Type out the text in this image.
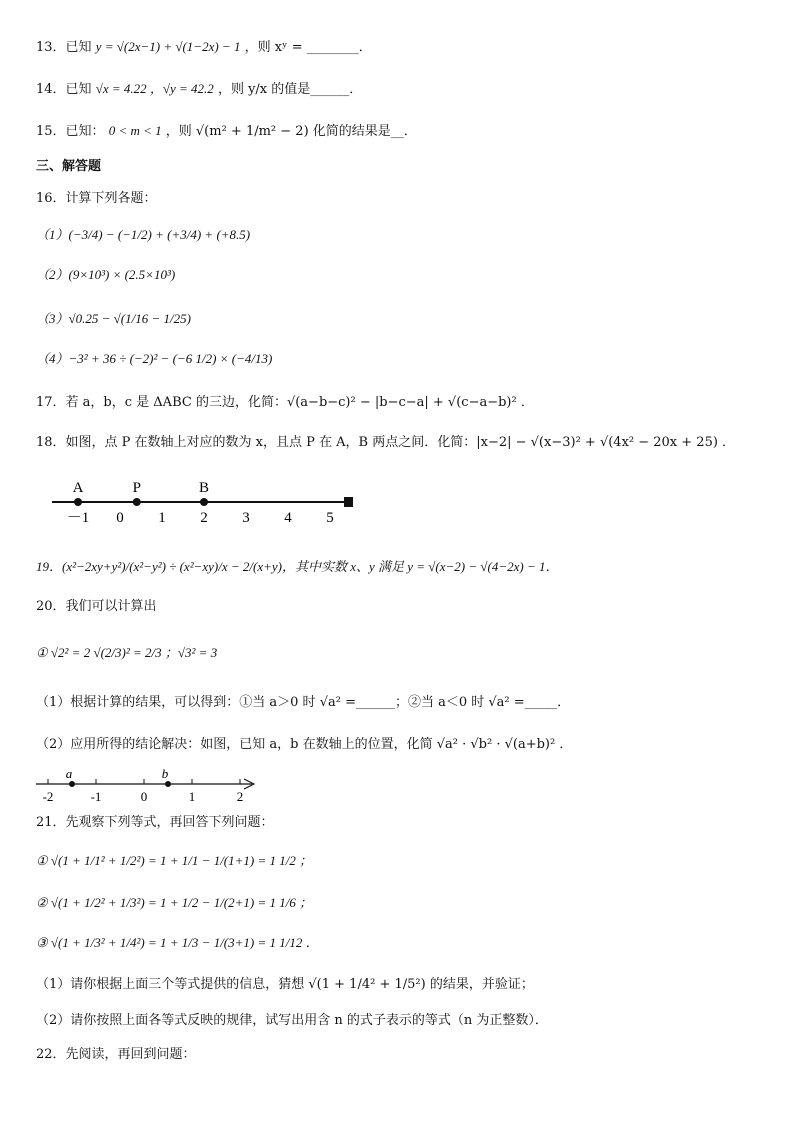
13．已知 y = √(2x−1) + √(1−2x) − 1 ，则 xʸ = ________．
14．已知 √x = 4.22 ，√y = 42.2 ，则 y/x 的值是______．
15．已知： 0 < m < 1 ，则 √(m² + 1/m² − 2) 化简的结果是__．
三、解答题
16．计算下列各题：
（1）(−3/4) − (−1/2) + (+3/4) + (+8.5)
（2）(9×10³) × (2.5×10³)
（3）√0.25 − √(1/16 − 1/25)
（4）−3² + 36 ÷ (−2)² − (−6 1/2) × (−4/13)
17．若 a，b，c 是 ΔABC 的三边，化简：√(a−b−c)² − |b−c−a| + √(c−a−b)² ．
18．如图，点 P 在数轴上对应的数为 x，且点 P 在 A，B 两点之间．化简：|x−2| − √(x−3)² + √(4x² − 20x + 25) ．
－1 0 1 2 3 4 5
A	P	B
19．(x²−2xy+y²)/(x²−y²) ÷ (x²−xy)/x − 2/(x+y)，其中实数 x、y 满足 y = √(x−2) − √(4−2x) − 1．
20．我们可以计算出
① √2² = 2 √(2/3)² = 2/3 ；√3² = 3
（1）根据计算的结果，可以得到：①当 a＞0 时 √a² =______；②当 a＜0 时 √a² =_____．
（2）应用所得的结论解决：如图，已知 a，b 在数轴上的位置，化简 √a² · √b² · √(a+b)² ．
-2	-1	0	1	2
a	b
21．先观察下列等式，再回答下列问题：
① √(1 + 1/1² + 1/2²) = 1 + 1/1 − 1/(1+1) = 1 1/2 ；
② √(1 + 1/2² + 1/3²) = 1 + 1/2 − 1/(2+1) = 1 1/6 ；
③ √(1 + 1/3² + 1/4²) = 1 + 1/3 − 1/(3+1) = 1 1/12 ．
（1）请你根据上面三个等式提供的信息，猜想 √(1 + 1/4² + 1/5²) 的结果，并验证；
（2）请你按照上面各等式反映的规律，试写出用含 n 的式子表示的等式（n 为正整数）．
22．先阅读，再回到问题：
